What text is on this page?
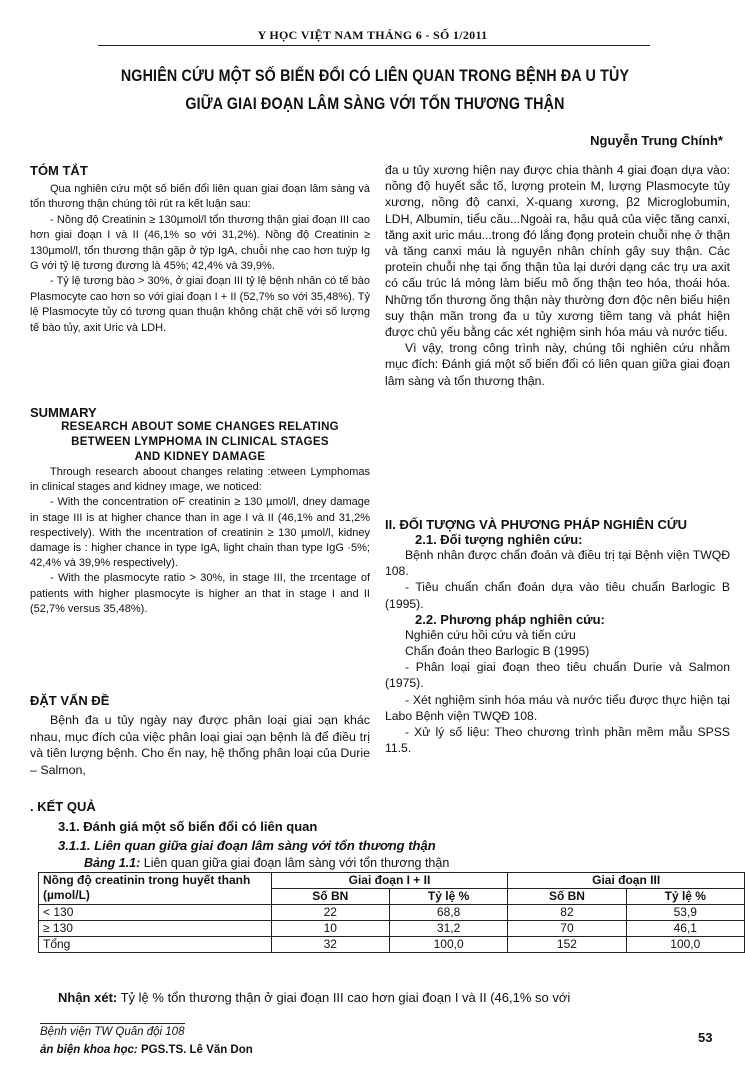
Y HỌC VIỆT NAM THÁNG 6 - SỐ 1/2011
NGHIÊN CỨU MỘT SỐ BIẾN ĐỔI CÓ LIÊN QUAN TRONG BỆNH ĐA U TỦY
GIỮA GIAI ĐOẠN LÂM SÀNG VỚI TỔN THƯƠNG THẬN
Nguyễn Trung Chính*
TÓM TẮT

Qua nghiên cứu một số biến đổi liên quan giai đoạn lâm sàng và tổn thương thận chúng tôi rút ra kết luận sau:

- Nồng độ Creatinin ≥ 130µmol/l tổn thương thận giai đoạn III cao hơn giai đoạn I và II (46,1% so với 31,2%). Nồng độ Creatinin ≥ 130µmol/l, tổn thương thận gặp ở týp IgA, chuỗi nhẹ cao hơn tuýp Ig G với tỷ lệ tương đương là 45%; 42,4% và 39,9%.

- Tỷ lệ tương bào > 30%, ở giai đoạn III tỷ lệ bệnh nhân có tế bào Plasmocyte cao hơn so với giai đoạn I + II (52,7% so với 35,48%). Tỷ lệ Plasmocyte tủy có tương quan thuận không chặt chẽ với số lượng tế bào tủy, axit Uric và LDH.

SUMMARY
RESEARCH ABOUT SOME CHANGES RELATING
BETWEEN LYMPHOMA IN CLINICAL STAGES
AND KIDNEY DAMAGE

Through research aboout changes relating :etween Lymphomas in clinical stages and kidney ımage, we noticed:

- With the concentration oF creatinin ≥ 130 µmol/l, dney damage in stage III is at higher chance than in age I và II (46,1% and 31,2% respectively). With the ıncentration of creatinin ≥ 130 µmol/l, kidney damage is : higher chance in type IgA, light chain than type IgG ·5%; 42,4% và 39,9% respectively).

- With the plasmocyte ratio > 30%, in stage III, the ɪrcentage of patients with higher plasmocyte is higher an that in stage I and II (52,7% versus 35,48%).

ĐẶT VẤN ĐỀ

Bệnh đa u tủy ngày nay được phân loại giai ɔạn khác nhau, mục đích của việc phân loại giai ɔạn bệnh là để điều trị và tiên lượng bệnh. Cho ến nay, hệ thống phân loại của Durie – Salmon,

đa u tủy xương hiện nay được chia thành 4 giai đoạn dựa vào: nồng độ huyết sắc tố, lượng protein M, lượng Plasmocyte tủy xương, nồng độ canxi, X-quang xương, β2 Microglobumin, LDH, Albumin, tiểu cầu...Ngoài ra, hậu quả của việc tăng canxi, tăng axit uric máu...trong đó lắng đọng protein chuỗi nhẹ ở thận và tăng canxi máu là nguyên nhân chính gây suy thận. Các protein chuỗi nhẹ tại ống thận tủa lại dưới dạng các trụ ưa axit có cấu trúc lá mỏng làm biểu mô ống thận teo hóa, thoái hóa. Những tổn thương ống thận này thường đơn độc nên biểu hiện suy thận mãn trong đa u tủy xương tiềm tang và phát hiện được chủ yếu bằng các xét nghiệm sinh hóa máu và nước tiểu.

Vì vậy, trong công trình này, chúng tôi nghiên cứu nhằm mục đích: Đánh giá một số biến đổi có liên quan giữa giai đoạn lâm sàng và tổn thương thận.

II. ĐỐI TƯỢNG VÀ PHƯƠNG PHÁP NGHIÊN CỨU
2.1. Đối tượng nghiên cứu:

Bệnh nhân được chẩn đoán và điều trị tại Bệnh viện TWQĐ 108.

- Tiêu chuẩn chẩn đoán dựa vào tiêu chuẩn Barlogic B (1995).

2.2. Phương pháp nghiên cứu:

Nghiên cứu hồi cứu và tiến cứu

Chẩn đoán theo Barlogic B (1995)

- Phân loại giai đoạn theo tiêu chuẩn Durie và Salmon (1975).

- Xét nghiệm sinh hóa máu và nước tiểu được thực hiện tại Labo Bệnh viện TWQĐ 108.

- Xử lý số liệu: Theo chương trình phần mềm mẫu SPSS 11.5.

. KẾT QUẢ
3.1. Đánh giá một số biến đổi có liên quan
3.1.1. Liên quan giữa giai đoạn lâm sàng với tổn thương thận
Bảng 1.1: Liên quan giữa giai đoạn lâm sàng với tổn thương thận
Nồng độ creatinin trong huyết thanh (µmol/L)	Giai đoạn I + II		Giai đoạn III	
	Số BN	Tỷ lệ %	Số BN	Tỷ lệ %
< 130	22	68,8	82	53,9
≥ 130	10	31,2	70	46,1
Tổng	32	100,0	152	100,0
Nhận xét: Tỷ lệ % tổn thương thận ở giai đoạn III cao hơn giai đoạn I và II (46,1% so với
Bệnh viện TW Quân đội 108
ản biện khoa học: PGS.TS. Lê Văn Don
53
